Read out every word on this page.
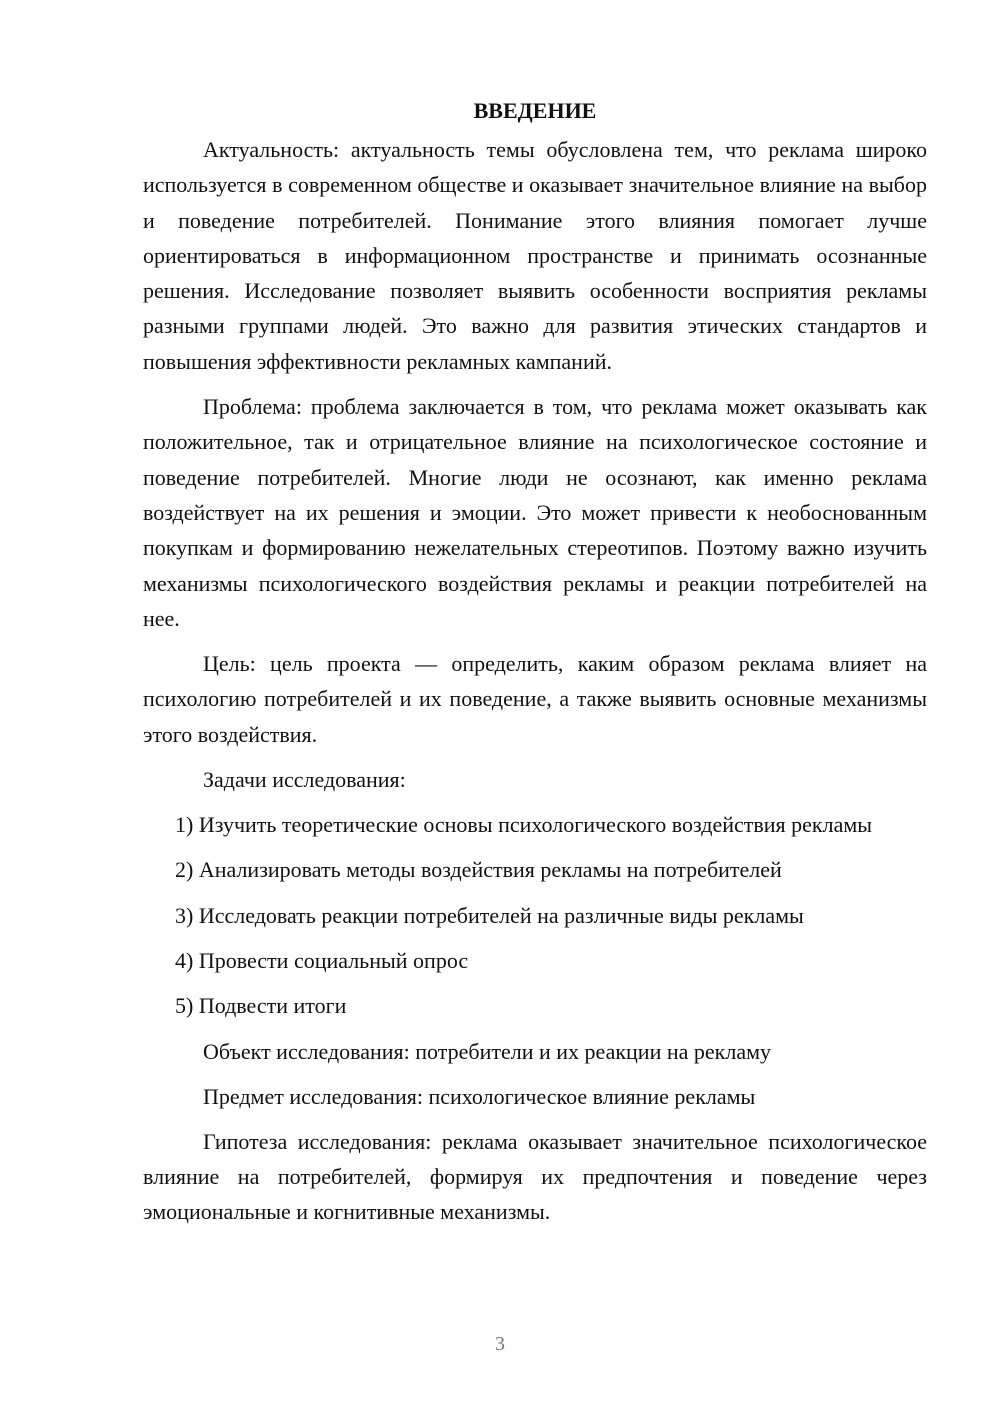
ВВЕДЕНИЕ

Актуальность: актуальность темы обусловлена тем, что реклама широко используется в современном обществе и оказывает значительное влияние на выбор и поведение потребителей. Понимание этого влияния помогает лучше ориентироваться в информационном пространстве и принимать осознанные решения. Исследование позволяет выявить особенности восприятия рекламы разными группами людей. Это важно для развития этических стандартов и повышения эффективности рекламных кампаний.

Проблема: проблема заключается в том, что реклама может оказывать как положительное, так и отрицательное влияние на психологическое состояние и поведение потребителей. Многие люди не осознают, как именно реклама воздействует на их решения и эмоции. Это может привести к необоснованным покупкам и формированию нежелательных стереотипов. Поэтому важно изучить механизмы психологического воздействия рекламы и реакции потребителей на нее.

Цель: цель проекта — определить, каким образом реклама влияет на психологию потребителей и их поведение, а также выявить основные механизмы этого воздействия.

Задачи исследования:

1) Изучить теоретические основы психологического воздействия рекламы

2) Анализировать методы воздействия рекламы на потребителей

3) Исследовать реакции потребителей на различные виды рекламы

4) Провести социальный опрос

5) Подвести итоги

Объект исследования: потребители и их реакции на рекламу

Предмет исследования: психологическое влияние рекламы

Гипотеза исследования: реклама оказывает значительное психологическое влияние на потребителей, формируя их предпочтения и поведение через эмоциональные и когнитивные механизмы.

3
